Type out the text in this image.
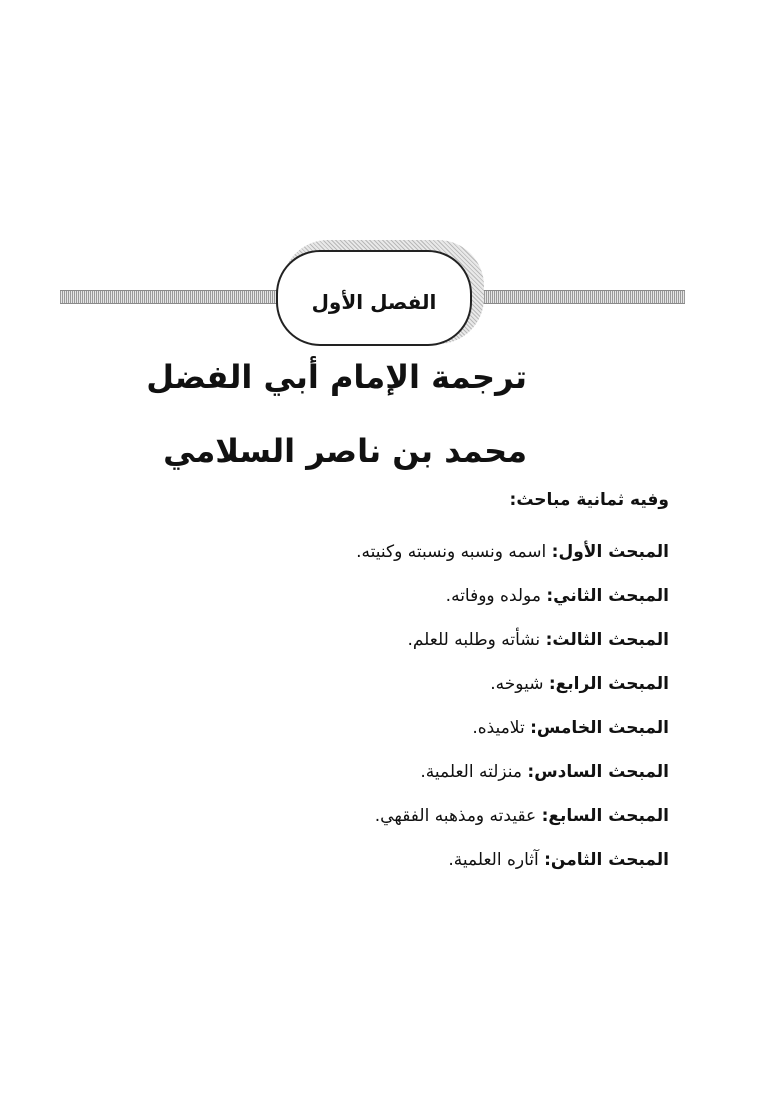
الفصل الأول
ترجمة الإمام أبي الفضل
محمد بن ناصر السلامي
وفيه ثمانية مباحث:
المبحث الأول: اسمه ونسبه ونسبته وكنيته.
المبحث الثاني: مولده ووفاته.
المبحث الثالث: نشأته وطلبه للعلم.
المبحث الرابع: شيوخه.
المبحث الخامس: تلاميذه.
المبحث السادس: منزلته العلمية.
المبحث السابع: عقيدته ومذهبه الفقهي.
المبحث الثامن: آثاره العلمية.
